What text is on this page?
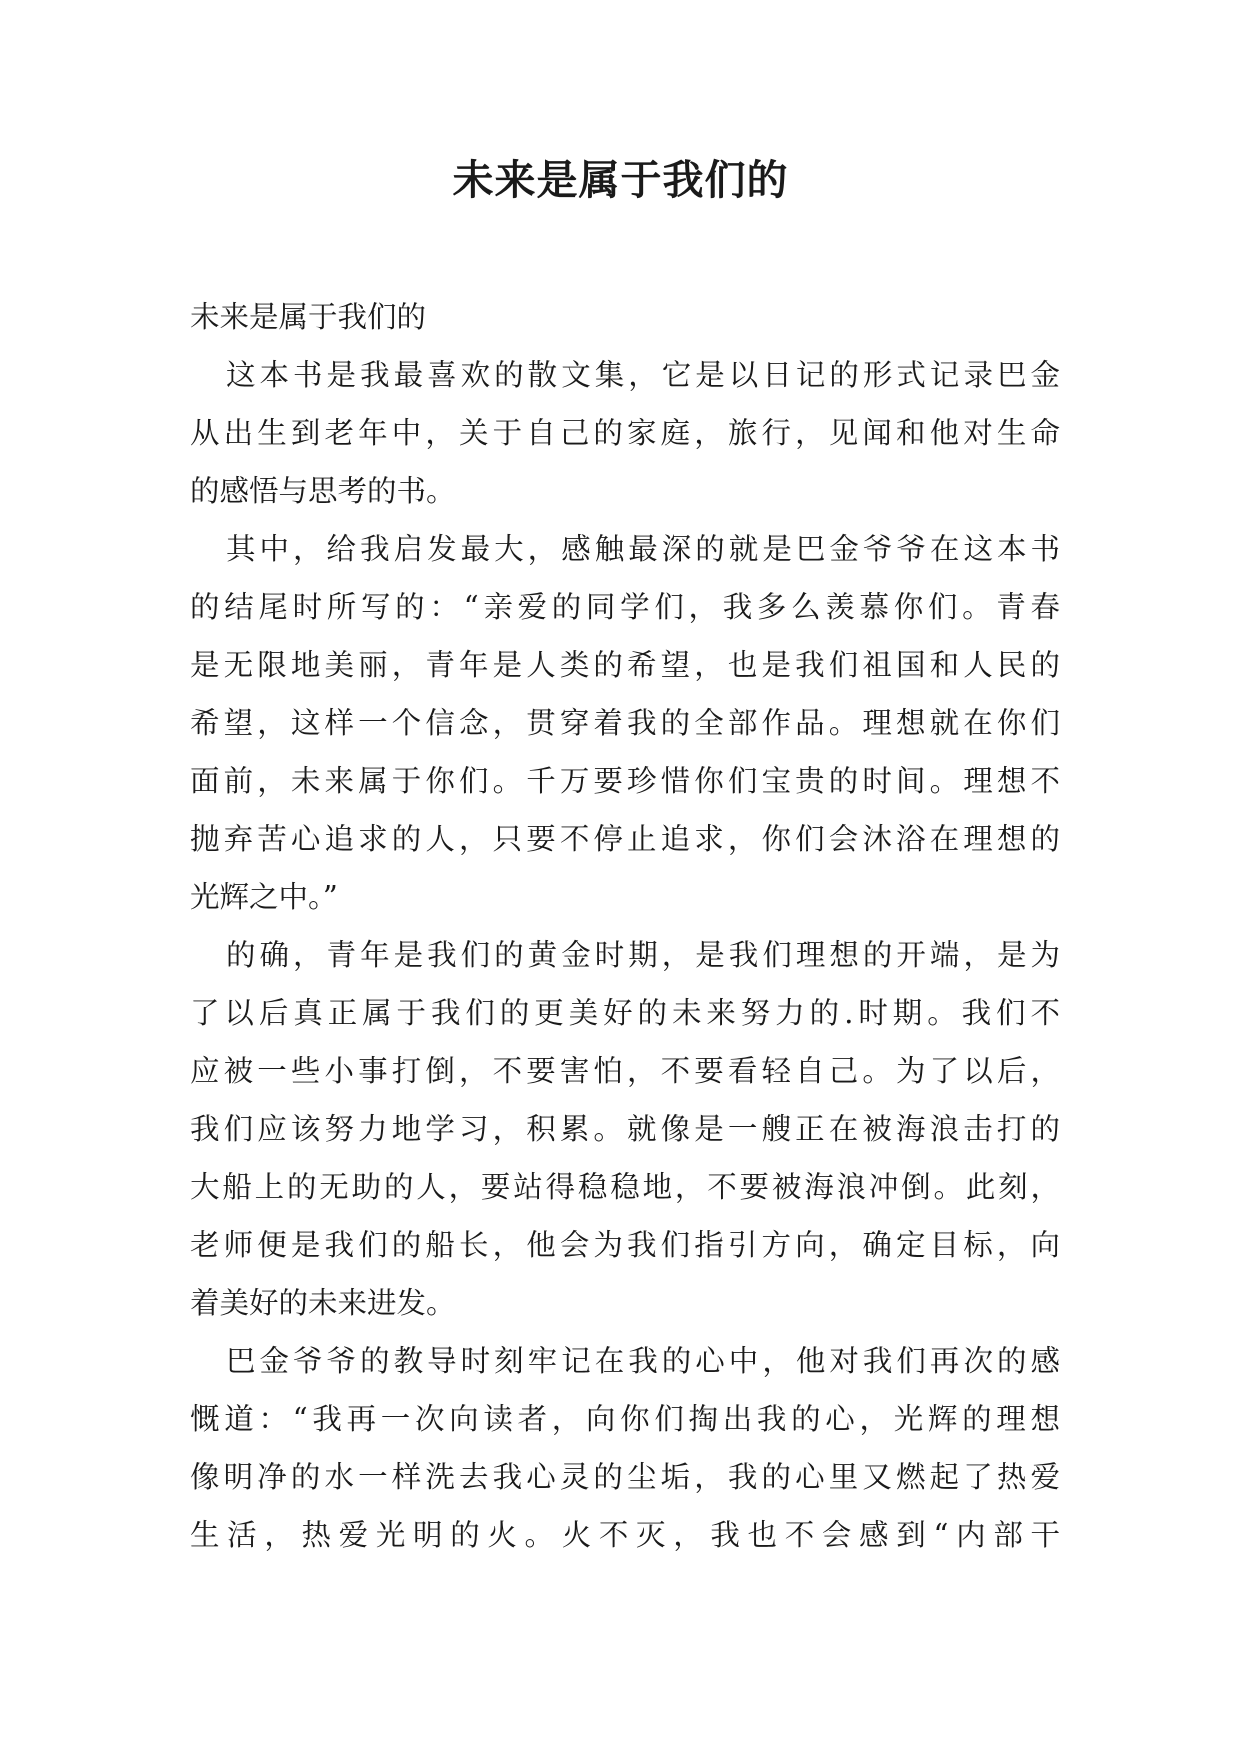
未来是属于我们的

未来是属于我们的

这本书是我最喜欢的散文集，它是以日记的形式记录巴金

从出生到老年中，关于自己的家庭，旅行，见闻和他对生命

的感悟与思考的书。

其中，给我启发最大，感触最深的就是巴金爷爷在这本书

的结尾时所写的：“亲爱的同学们，我多么羡慕你们。青春

是无限地美丽，青年是人类的希望，也是我们祖国和人民的

希望，这样一个信念，贯穿着我的全部作品。理想就在你们

面前，未来属于你们。千万要珍惜你们宝贵的时间。理想不

抛弃苦心追求的人，只要不停止追求，你们会沐浴在理想的

光辉之中。”

的确，青年是我们的黄金时期，是我们理想的开端，是为

了以后真正属于我们的更美好的未来努力的.时期。我们不

应被一些小事打倒，不要害怕，不要看轻自己。为了以后，

我们应该努力地学习，积累。就像是一艘正在被海浪击打的

大船上的无助的人，要站得稳稳地，不要被海浪冲倒。此刻，

老师便是我们的船长，他会为我们指引方向，确定目标，向

着美好的未来进发。

巴金爷爷的教导时刻牢记在我的心中，他对我们再次的感

慨道：“我再一次向读者，向你们掏出我的心，光辉的理想

像明净的水一样洗去我心灵的尘垢，我的心里又燃起了热爱

生活，热爱光明的火。火不灭，我也不会感到“内部干
